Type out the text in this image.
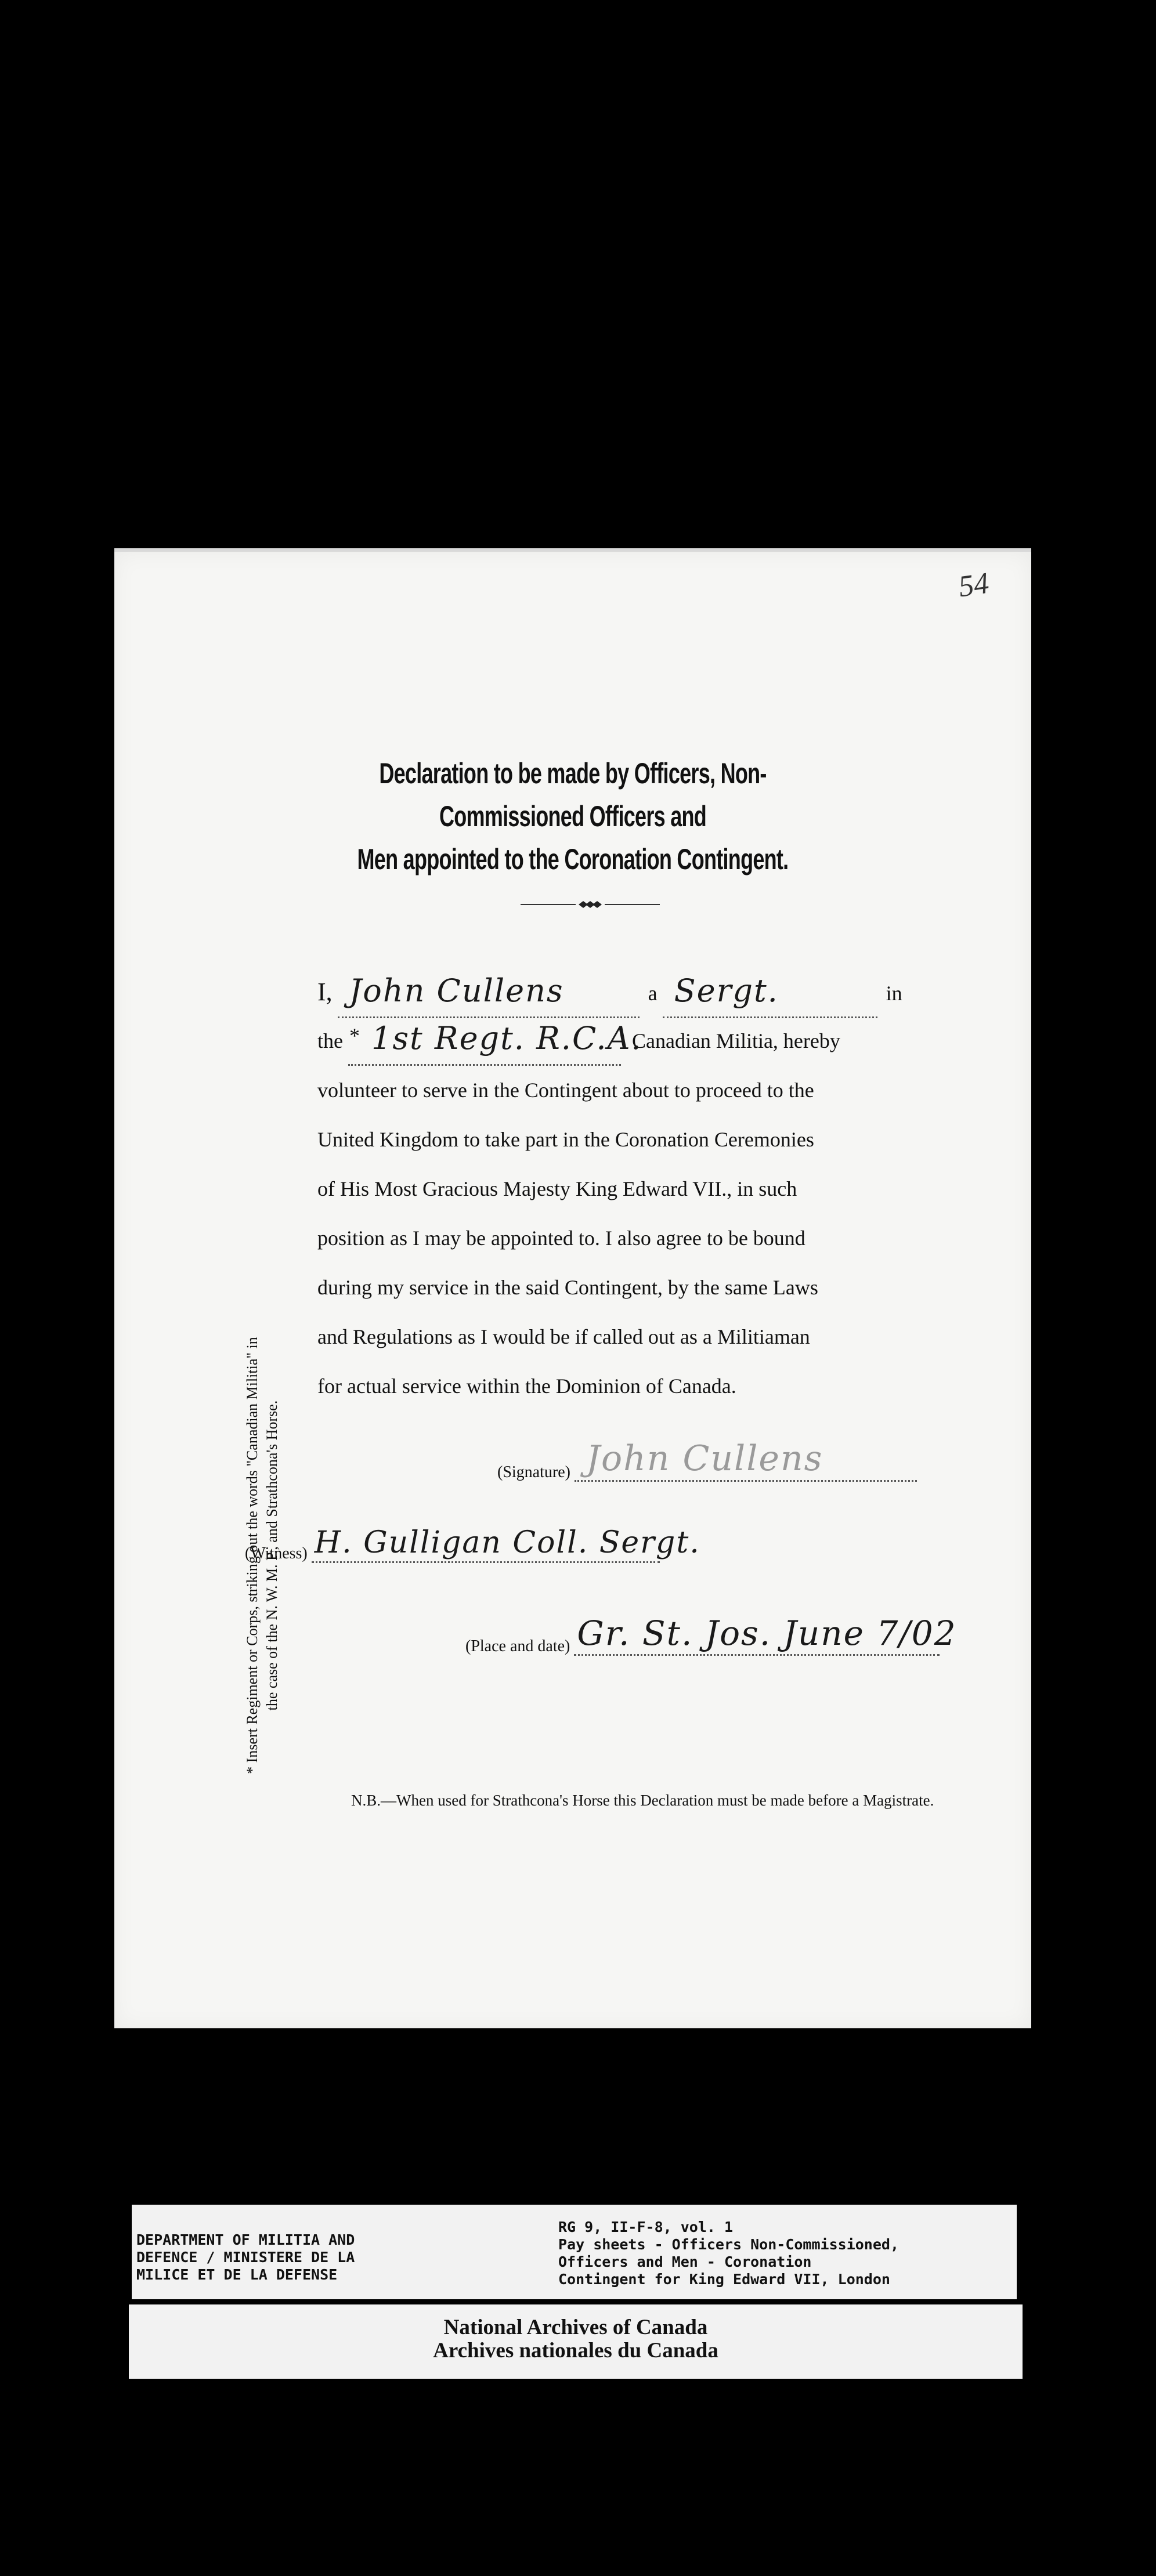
54
Declaration to be made by Officers, Non-Commissioned Officers and
Men appointed to the Coronation Contingent.
* Insert Regiment or Corps, striking out the words "Canadian Militia" in the case of the N. W. M. P., and Strathcona's Horse.
I, John Cullens	a Sergt.	in
the * 1st Regt. R.C.A.
Canadian Militia, hereby
volunteer to serve in the Contingent about to proceed to the
United Kingdom to take part in the Coronation Ceremonies
of His Most Gracious Majesty King Edward VII., in such
position as I may be appointed to. I also agree to be bound
during my service in the said Contingent, by the same Laws
and Regulations as I would be if called out as a Militiaman
for actual service within the Dominion of Canada.
(Signature) John Cullens
(Witness) H. Gulligan Coll. Sergt.
(Place and date) Gr. St. Jos. June 7/02
N.B.—When used for Strathcona's Horse this Declaration must be made before a Magistrate.
DEPARTMENT OF MILITIA AND
DEFENCE / MINISTERE DE LA
MILICE ET DE LA DEFENSE
RG 9, II-F-8, vol. 1
Pay sheets - Officers Non-Commissioned,
Officers and Men - Coronation
Contingent for King Edward VII, London
National Archives of Canada
Archives nationales du Canada
